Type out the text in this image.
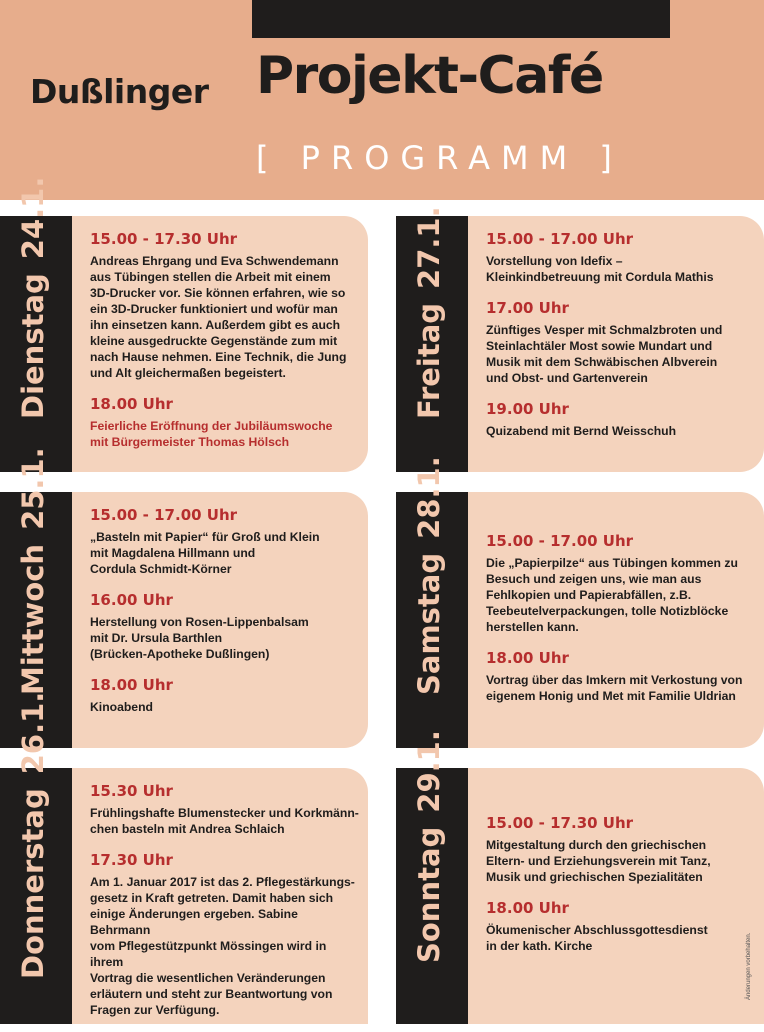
Dußlinger Projekt-Café
[ PROGRAMM ]
Dienstag24.1.	15.00 - 17.30 Uhr
Andreas Ehrgang und Eva Schwendemann
aus Tübingen stellen die Arbeit mit einem
3D-Drucker vor. Sie können erfahren, wie so
ein 3D-Drucker funktioniert und wofür man
ihn einsetzen kann. Außerdem gibt es auch
kleine ausgedruckte Gegenstände zum mit
nach Hause nehmen. Eine Technik, die Jung
und Alt gleichermaßen begeistert.
18.00 Uhr
Feierliche Eröffnung der Jubiläumswoche
mit Bürgermeister Thomas Hölsch
Freitag27.1.	15.00 - 17.00 Uhr
Vorstellung von Idefix –
Kleinkindbetreuung mit Cordula Mathis
17.00 Uhr
Zünftiges Vesper mit Schmalzbroten und
Steinlachtäler Most sowie Mundart und
Musik mit dem Schwäbischen Albverein
und Obst- und Gartenverein
19.00 Uhr
Quizabend mit Bernd Weisschuh
Mittwoch25.1.	15.00 - 17.00 Uhr
„Basteln mit Papier“ für Groß und Klein
mit Magdalena Hillmann und
Cordula Schmidt-Körner
16.00 Uhr
Herstellung von Rosen-Lippenbalsam
mit Dr. Ursula Barthlen
(Brücken-Apotheke Dußlingen)
18.00 Uhr
Kinoabend
Samstag28.1.
15.00 - 17.00 Uhr
Die „Papierpilze“ aus Tübingen kommen zu
Besuch und zeigen uns, wie man aus
Fehlkopien und Papierabfällen, z.B.
Teebeutelverpackungen, tolle Notizblöcke
herstellen kann.
18.00 Uhr
Vortrag über das Imkern mit Verkostung von
eigenem Honig und Met mit Familie Uldrian
Donnerstag26.1.
15.30 Uhr
Frühlingshafte Blumenstecker und Korkmänn-
chen basteln mit Andrea Schlaich
17.30 Uhr
Am 1. Januar 2017 ist das 2. Pflegestärkungs-
gesetz in Kraft getreten. Damit haben sich
einige Änderungen ergeben. Sabine Behrmann
vom Pflegestützpunkt Mössingen wird in ihrem
Vortrag die wesentlichen Veränderungen
erläutern und steht zur Beantwortung von
Fragen zur Verfügung.
Sonntag29.1.
15.00 - 17.30 Uhr
Mitgestaltung durch den griechischen
Eltern- und Erziehungsverein mit Tanz,
Musik und griechischen Spezialitäten
18.00 Uhr
Ökumenischer Abschlussgottesdienst
in der kath. Kirche	Änderungen vorbehalten.
